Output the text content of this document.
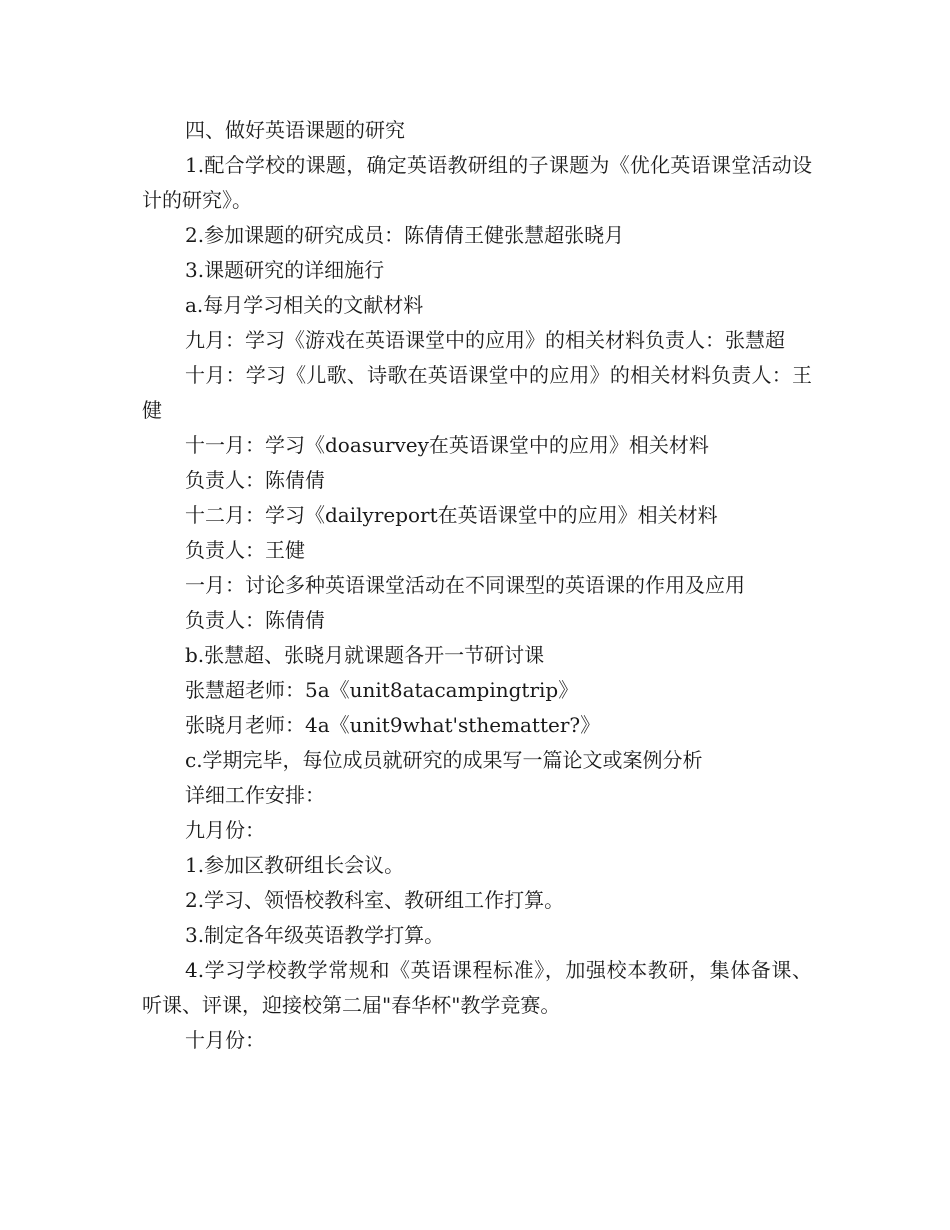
四、做好英语课题的研究

1.配合学校的课题，确定英语教研组的子课题为《优化英语课堂活动设计的研究》。

2.参加课题的研究成员：陈倩倩王健张慧超张晓月

3.课题研究的详细施行

a.每月学习相关的文献材料

九月：学习《游戏在英语课堂中的应用》的相关材料负责人：张慧超

十月：学习《儿歌、诗歌在英语课堂中的应用》的相关材料负责人：王健

十一月：学习《doasurvey在英语课堂中的应用》相关材料

负责人：陈倩倩

十二月：学习《dailyreport在英语课堂中的应用》相关材料

负责人：王健

一月：讨论多种英语课堂活动在不同课型的英语课的作用及应用

负责人：陈倩倩

b.张慧超、张晓月就课题各开一节研讨课

张慧超老师：5a《unit8atacampingtrip》

张晓月老师：4a《unit9what'sthematter?》

c.学期完毕，每位成员就研究的成果写一篇论文或案例分析

详细工作安排：

九月份：

1.参加区教研组长会议。

2.学习、领悟校教科室、教研组工作打算。

3.制定各年级英语教学打算。

4.学习学校教学常规和《英语课程标准》，加强校本教研，集体备课、听课、评课，迎接校第二届"春华杯"教学竞赛。

十月份：
